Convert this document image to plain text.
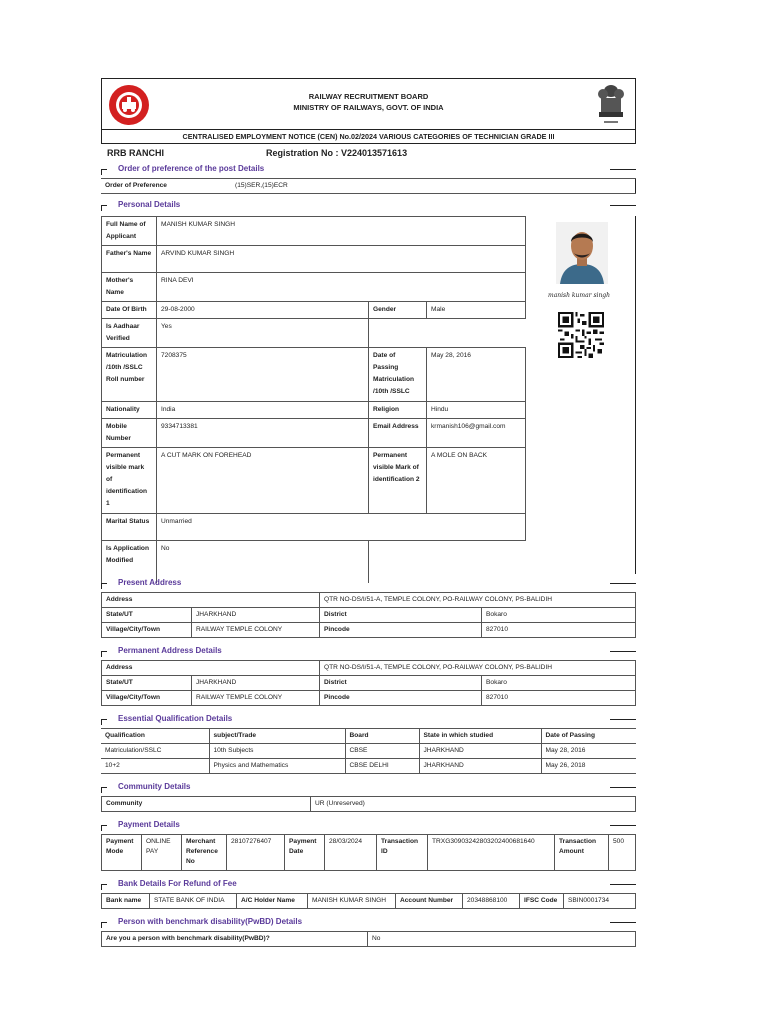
RAILWAY RECRUITMENT BOARD
MINISTRY OF RAILWAYS, GOVT. OF INDIA
CENTRALISED EMPLOYMENT NOTICE (CEN) No.02/2024 VARIOUS CATEGORIES OF TECHNICIAN GRADE III
RRB RANCHI	Registration No : V224013571613
Order of preference of the post Details
Order of Preference	(15)SER,(15)ECR
Personal Details
Full Name of Applicant	MANISH KUMAR SINGH		
Father's Name	ARVIND KUMAR SINGH		
Mother's Name	RINA DEVI		
Date Of Birth	29-08-2000	Gender	Male
Is Aadhaar Verified	Yes		
Matriculation /10th /SSLC Roll number	7208375	Date of Passing Matriculation /10th /SSLC	May 28, 2016
Nationality	India	Religion	Hindu
Mobile Number	9334713381	Email Address	krmanish106@gmail.com
Permanent visible mark of identification 1	A CUT MARK ON FOREHEAD	Permanent visible Mark of identification 2	A MOLE ON BACK
Marital Status	Unmarried		
Is Application Modified	No		
manish kumar singh
Present Address
Address		QTR NO-DS/I/51-A, TEMPLE COLONY, PO-RAILWAY COLONY, PS-BALIDIH	
State/UT	JHARKHAND	District	Bokaro
Village/City/Town	RAILWAY TEMPLE COLONY	Pincode	827010
Permanent Address Details
Address		QTR NO-DS/I/51-A, TEMPLE COLONY, PO-RAILWAY COLONY, PS-BALIDIH	
State/UT	JHARKHAND	District	Bokaro
Village/City/Town	RAILWAY TEMPLE COLONY	Pincode	827010
Essential Qualification Details
Qualification	subject/Trade	Board	State in which studied	Date of Passing
Matriculation/SSLC	10th Subjects	CBSE	JHARKHAND	May 28, 2016
10+2	Physics and Mathematics	CBSE DELHI	JHARKHAND	May 26, 2018
Community Details
Community	UR (Unreserved)
Payment Details
Payment Mode	ONLINE PAY	Merchant Reference No	28107276407	Payment Date	28/03/2024	Transaction ID	TRXG30903242803202400681640	Transaction Amount	500
Bank Details For Refund of Fee
Bank name	STATE BANK OF INDIA	A/C Holder Name	MANISH KUMAR SINGH	Account Number	20348868100	IFSC Code	SBIN0001734
Person with benchmark disability(PwBD) Details
Are you a person with benchmark disability(PwBD)?	No
